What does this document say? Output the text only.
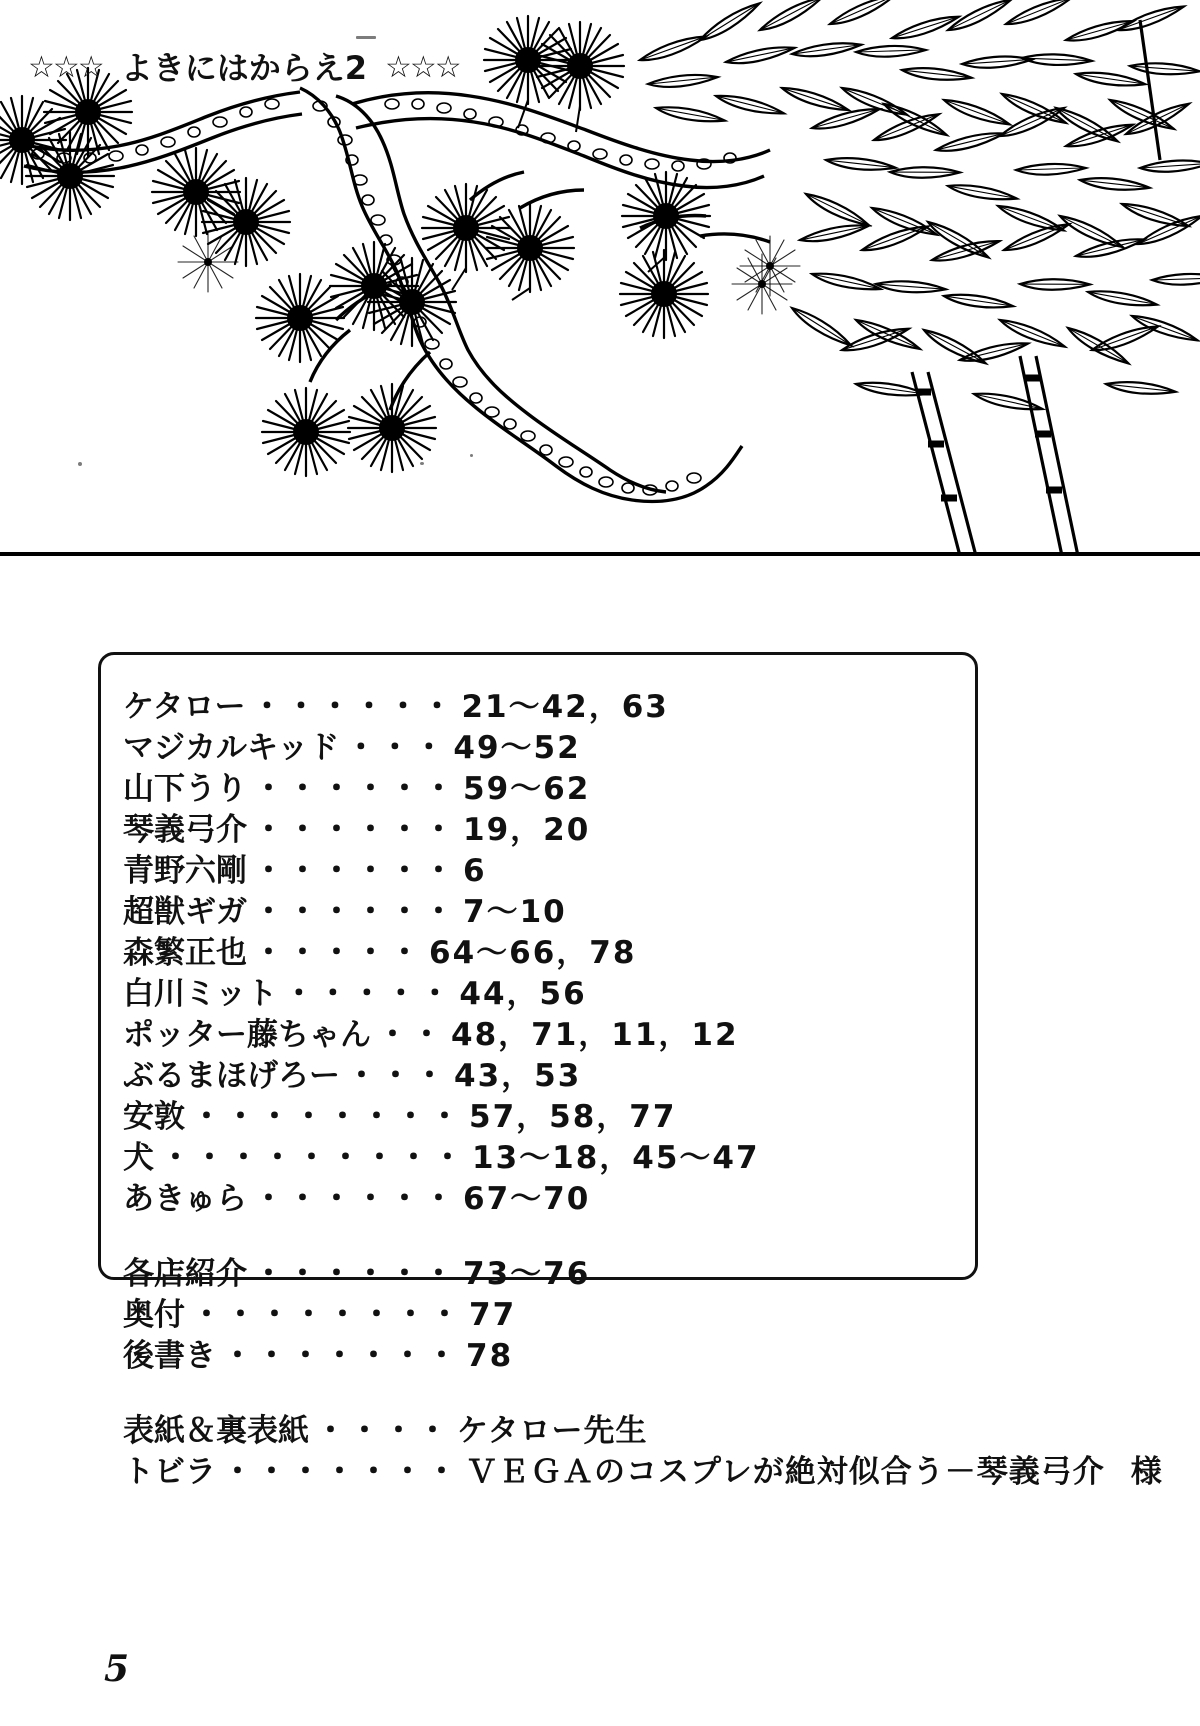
☆☆☆ よきにはからえ2 ☆☆☆
ケタロー ・・・・・・ 21〜42，63
マジカルキッド ・・・ 49〜52
山下うり ・・・・・・ 59〜62
琴義弓介 ・・・・・・ 19，20
青野六剛 ・・・・・・ 6
超獣ギガ ・・・・・・ 7〜10
森繁正也 ・・・・・ 64〜66，78
白川ミット ・・・・・ 44，56
ポッター藤ちゃん ・・ 48，71，11，12
ぶるまほげろー ・・・ 43，53
安敦 ・・・・・・・・ 57，58，77
犬 ・・・・・・・・・ 13〜18，45〜47
あきゅら ・・・・・・ 67〜70
各店紹介 ・・・・・・ 73〜76
奥付 ・・・・・・・・ 77
後書き ・・・・・・・ 78
表紙＆裏表紙 ・・・・ ケタロー先生
トビラ ・・・・・・・ ＶＥＧＡのコスプレが絶対似合う－琴義弓介 様
5
